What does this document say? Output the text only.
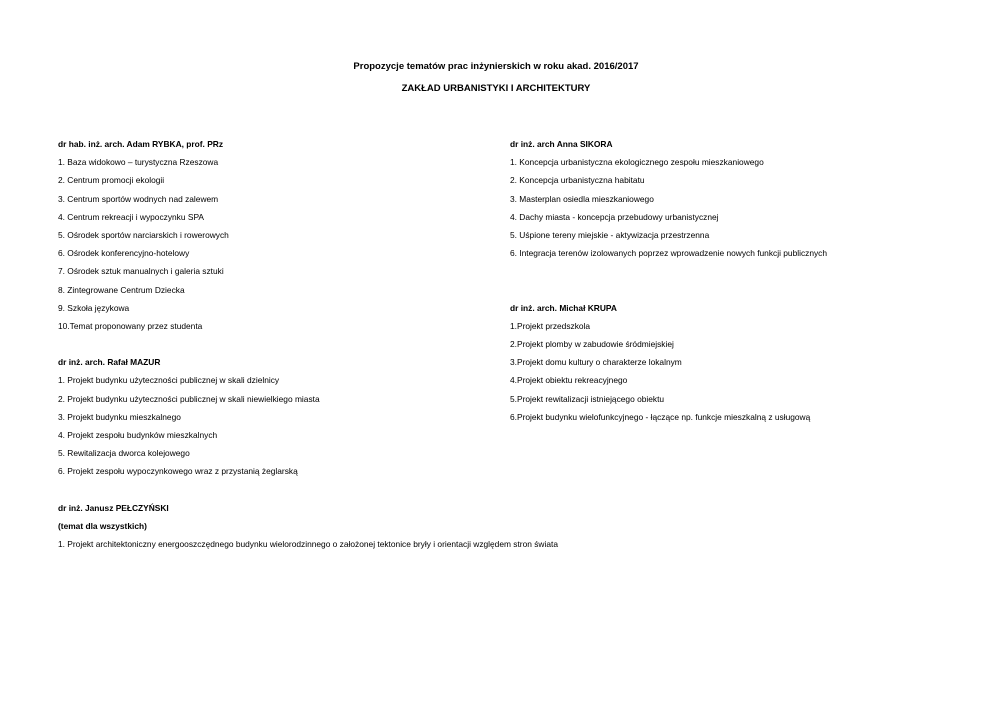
Propozycje tematów prac inżynierskich w roku akad. 2016/2017
ZAKŁAD URBANISTYKI I ARCHITEKTURY
dr hab. inż. arch. Adam RYBKA, prof. PRz
1. Baza widokowo – turystyczna Rzeszowa
2. Centrum promocji ekologii
3. Centrum sportów wodnych nad zalewem
4. Centrum rekreacji i wypoczynku SPA
5. Ośrodek sportów narciarskich i rowerowych
6. Ośrodek konferencyjno-hotelowy
7. Ośrodek sztuk manualnych i galeria sztuki
8. Zintegrowane Centrum Dziecka
9. Szkoła językowa
10.Temat proponowany przez studenta
dr inż. arch. Rafał MAZUR
1. Projekt budynku użyteczności publicznej w skali dzielnicy
2. Projekt budynku użyteczności publicznej w skali niewielkiego miasta
3. Projekt budynku mieszkalnego
4. Projekt zespołu budynków mieszkalnych
5. Rewitalizacja dworca kolejowego
6. Projekt zespołu wypoczynkowego wraz z przystanią żeglarską
dr inż. Janusz PEŁCZYŃSKI
(temat dla wszystkich)
1. Projekt architektoniczny energooszczędnego budynku wielorodzinnego o założonej tektonice bryły i orientacji względem stron świata
dr inż. arch Anna SIKORA
1. Koncepcja urbanistyczna ekologicznego zespołu mieszkaniowego
2. Koncepcja urbanistyczna habitatu
3. Masterplan osiedla mieszkaniowego
4. Dachy miasta - koncepcja przebudowy urbanistycznej
5. Uśpione tereny miejskie - aktywizacja przestrzenna
6. Integracja terenów izolowanych poprzez wprowadzenie nowych funkcji publicznych
dr inż. arch. Michał KRUPA
1.Projekt przedszkola
2.Projekt plomby w zabudowie śródmiejskiej
3.Projekt domu kultury o charakterze lokalnym
4.Projekt obiektu rekreacyjnego
5.Projekt rewitalizacji istniejącego obiektu
6.Projekt budynku wielofunkcyjnego - łączące np. funkcje mieszkalną z usługową
